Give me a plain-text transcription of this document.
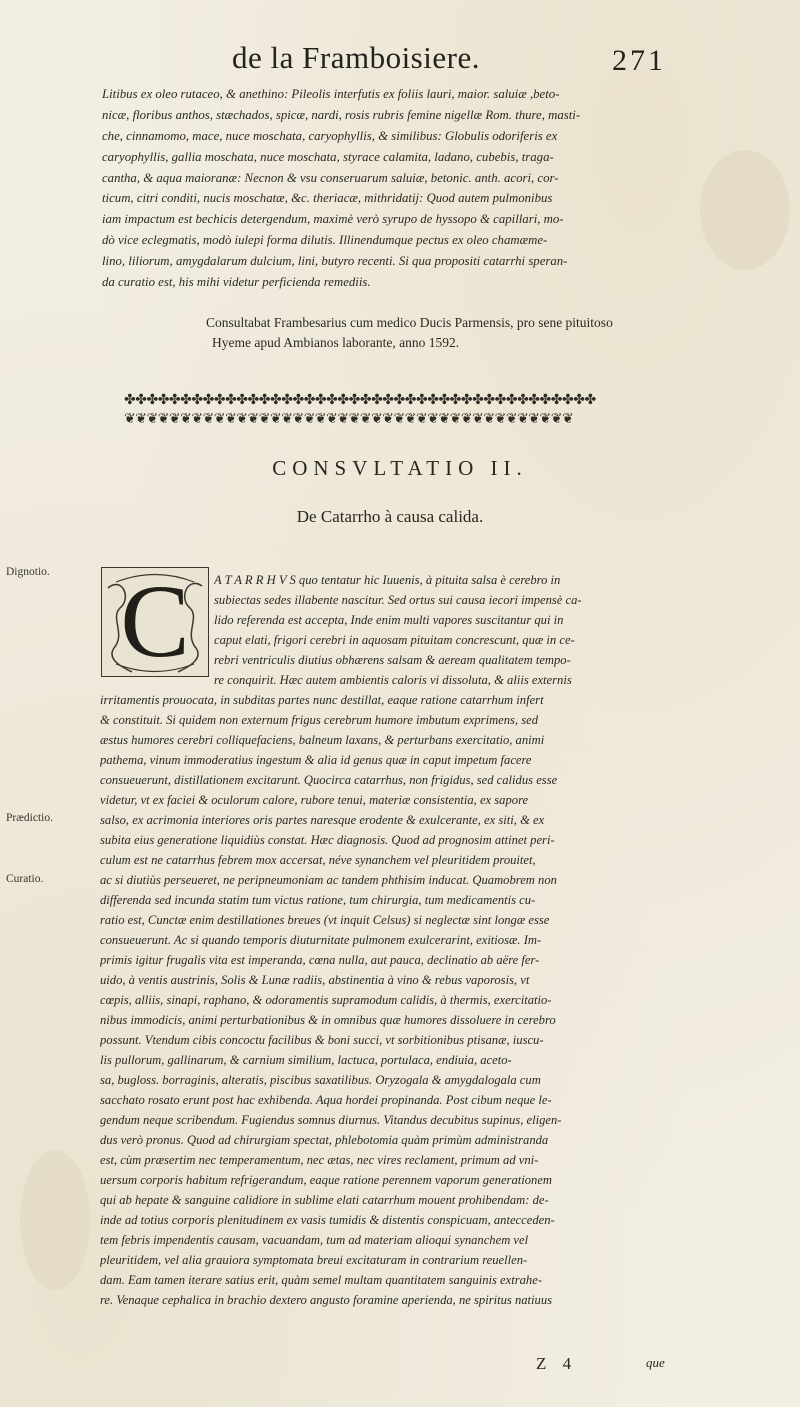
de la Framboisiere.	271
Litibus ex oleo rutaceo, & anethino: Pileolis interfutis ex foliis lauri, maior. saluiæ ,beto-
nicæ, floribus anthos, stæchados, spicæ, nardi, rosis rubris femine nigellæ Rom. thure, masti-
che, cinnamomo, mace, nuce moschata, caryophyllis, & similibus: Globulis odoriferis ex
caryophyllis, gallia moschata, nuce moschata, styrace calamita, ladano, cubebis, traga-
cantha, & aqua maioranæ: Necnon & vsu conseruarum saluiæ, betonic. anth. acori, cor-
ticum, citri conditi, nucis moschatæ, &c. theriacæ, mithridatij: Quod autem pulmonibus
iam impactum est bechicis detergendum, maximè verò syrupo de hyssopo & capillari, mo-
dò vice eclegmatis, modò iulepi forma dilutis. Illinendumque pectus ex oleo chamæme-
lino, liliorum, amygdalarum dulcium, lini, butyro recenti. Si qua propositi catarrhi speran-
da curatio est, his mihi videtur perficienda remediis.
Consultabat Frambesarius cum medico Ducis Parmensis, pro sene pituitoso
Hyeme apud Ambianos laborante, anno 1592.
✤✤✤✤✤✤✤✤✤✤✤✤✤✤✤✤✤✤✤✤✤✤✤✤✤✤✤✤✤✤✤✤✤✤✤✤✤✤✤✤✤✤
❦❦❦❦❦❦❦❦❦❦❦❦❦❦❦❦❦❦❦❦❦❦❦❦❦❦❦❦❦❦❦❦❦❦❦❦❦❦❦❦
CONSVLTATIO II.
De Catarrho à causa calida.
Dignotio.
Prædictio.
Curatio.
C	A T A R R H V S quo tentatur hic Iuuenis, à pituita salsa è cerebro in
subiectas sedes illabente nascitur. Sed ortus sui causa iecori impensè ca-
lido referenda est accepta, Inde enim multi vapores suscitantur qui in
caput elati, frigori cerebri in aquosam pituitam concrescunt, quæ in ce-
rebri ventriculis diutius obhærens salsam & aeream qualitatem tempo-
re conquirit. Hæc autem ambientis caloris vi dissoluta, & aliis externis
irritamentis prouocata, in subditas partes nunc destillat, eaque ratione catarrhum infert
& constituit. Si quidem non externum frigus cerebrum humore imbutum exprimens, sed
æstus humores cerebri colliquefaciens, balneum laxans, & perturbans exercitatio, animi
pathema, vinum immoderatius ingestum & alia id genus quæ in caput impetum facere
consueuerunt, distillationem excitarunt. Quocirca catarrhus, non frigidus, sed calidus esse
videtur, vt ex faciei & oculorum calore, rubore tenui, materiæ consistentia, ex sapore
salso, ex acrimonia interiores oris partes naresque erodente & exulcerante, ex siti, & ex
subita eius generatione liquidiùs constat. Hæc diagnosis. Quod ad prognosim attinet peri-
culum est ne catarrhus febrem mox accersat, néve synanchem vel pleuritidem prouitet,
ac si diutiùs perseueret, ne peripneumoniam ac tandem phthisim inducat. Quamobrem non
differenda sed incunda statim tum victus ratione, tum chirurgia, tum medicamentis cu-
ratio est, Cunctæ enim destillationes breues (vt inquit Celsus) si neglectæ sint longæ esse
consueuerunt. Ac si quando temporis diuturnitate pulmonem exulcerarint, exitiosæ. Im-
primis igitur frugalis vita est imperanda, cœna nulla, aut pauca, declinatio ab aëre fer-
uido, à ventis austrinis, Solis & Lunæ radiis, abstinentia à vino & rebus vaporosis, vt
cœpis, alliis, sinapi, raphano, & odoramentis supramodum calidis, à thermis, exercitatio-
nibus immodicis, animi perturbationibus & in omnibus quæ humores dissoluere in cerebro
possunt. Vtendum cibis concoctu facilibus & boni succi, vt sorbitionibus ptisanæ, iuscu-
lis pullorum, gallinarum, & carnium similium, lactuca, portulaca, endiuia, aceto-
sa, bugloss. borraginis, alteratis, piscibus saxatilibus. Oryzogala & amygdalogala cum
sacchato rosato erunt post hac exhibenda. Aqua hordei propinanda. Post cibum neque le-
gendum neque scribendum. Fugiendus somnus diurnus. Vitandus decubitus supinus, eligen-
dus verò pronus. Quod ad chirurgiam spectat, phlebotomia quàm primùm administranda
est, cùm præsertim nec temperamentum, nec ætas, nec vires reclament, primum ad vni-
uersum corporis habitum refrigerandum, eaque ratione perennem vaporum generationem
qui ab hepate & sanguine calidiore in sublime elati catarrhum mouent prohibendam: de-
inde ad totius corporis plenitudinem ex vasis tumidis & distentis conspicuam, antecceden-
tem febris impendentis causam, vacuandam, tum ad materiam alioqui synanchem vel
pleuritidem, vel alia grauiora symptomata breui excitaturam in contrarium reuellen-
dam. Eam tamen iterare satius erit, quàm semel multam quantitatem sanguinis extrahe-
re. Venaque cephalica in brachio dextero angusto foramine aperienda, ne spiritus natiuus
Z 4	que
